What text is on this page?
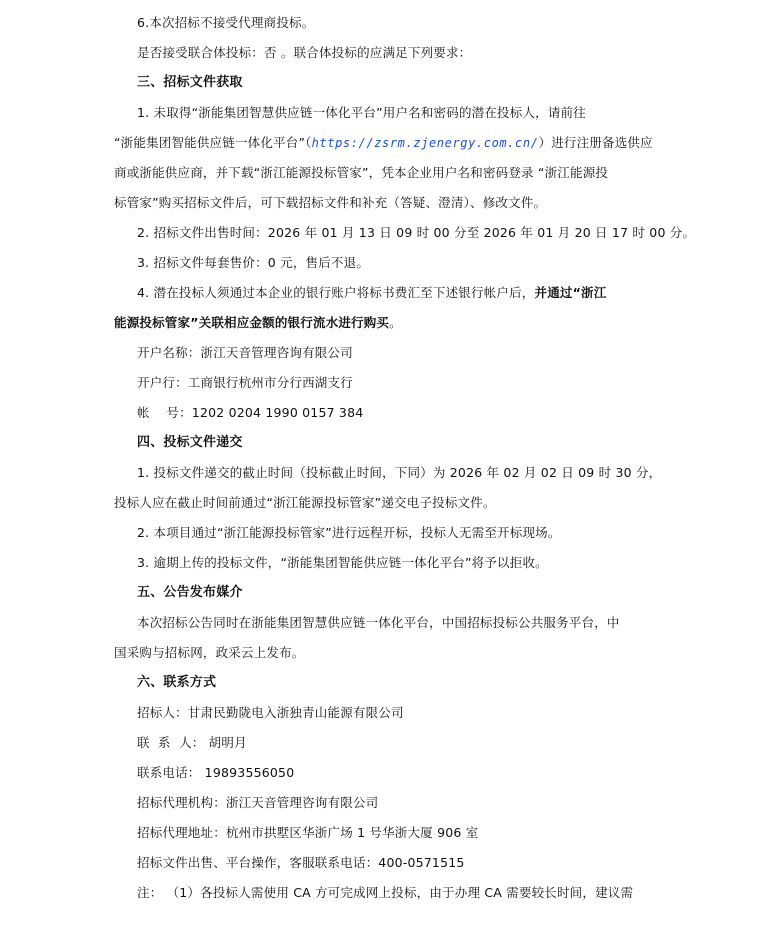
6.本次招标不接受代理商投标。
是否接受联合体投标：否 。联合体投标的应满足下列要求：
三、招标文件获取
1. 未取得“浙能集团智慧供应链一体化平台”用户名和密码的潜在投标人，请前往
“浙能集团智能供应链一体化平台”（https://zsrm.zjenergy.com.cn/）进行注册备选供应
商或浙能供应商，并下载“浙江能源投标管家”，凭本企业用户名和密码登录 “浙江能源投
标管家”购买招标文件后，可下载招标文件和补充（答疑、澄清）、修改文件。
2. 招标文件出售时间：2026 年 01 月 13 日 09 时 00 分至 2026 年 01 月 20 日 17 时 00 分。
3. 招标文件每套售价：0 元，售后不退。
4. 潜在投标人须通过本企业的银行账户将标书费汇至下述银行帐户后，并通过“浙江
能源投标管家”关联相应金额的银行流水进行购买。
开户名称：浙江天音管理咨询有限公司
开户行：工商银行杭州市分行西湖支行
帐    号：1202 0204 1990 0157 384
四、投标文件递交
1. 投标文件递交的截止时间（投标截止时间，下同）为 2026 年 02 月 02 日 09 时 30 分，
投标人应在截止时间前通过“浙江能源投标管家”递交电子投标文件。
2. 本项目通过“浙江能源投标管家”进行远程开标，投标人无需至开标现场。
3. 逾期上传的投标文件，“浙能集团智能供应链一体化平台”将予以拒收。
五、公告发布媒介
本次招标公告同时在浙能集团智慧供应链一体化平台，中国招标投标公共服务平台，中
国采购与招标网，政采云上发布。
六、联系方式
招标人：甘肃民勤陇电入浙独青山能源有限公司
联  系  人： 胡明月
联系电话： 19893556050
招标代理机构：浙江天音管理咨询有限公司
招标代理地址：杭州市拱墅区华浙广场 1 号华浙大厦 906 室
招标文件出售、平台操作，客服联系电话：400-0571515
注： （1）各投标人需使用 CA 方可完成网上投标，由于办理 CA 需要较长时间，建议需
